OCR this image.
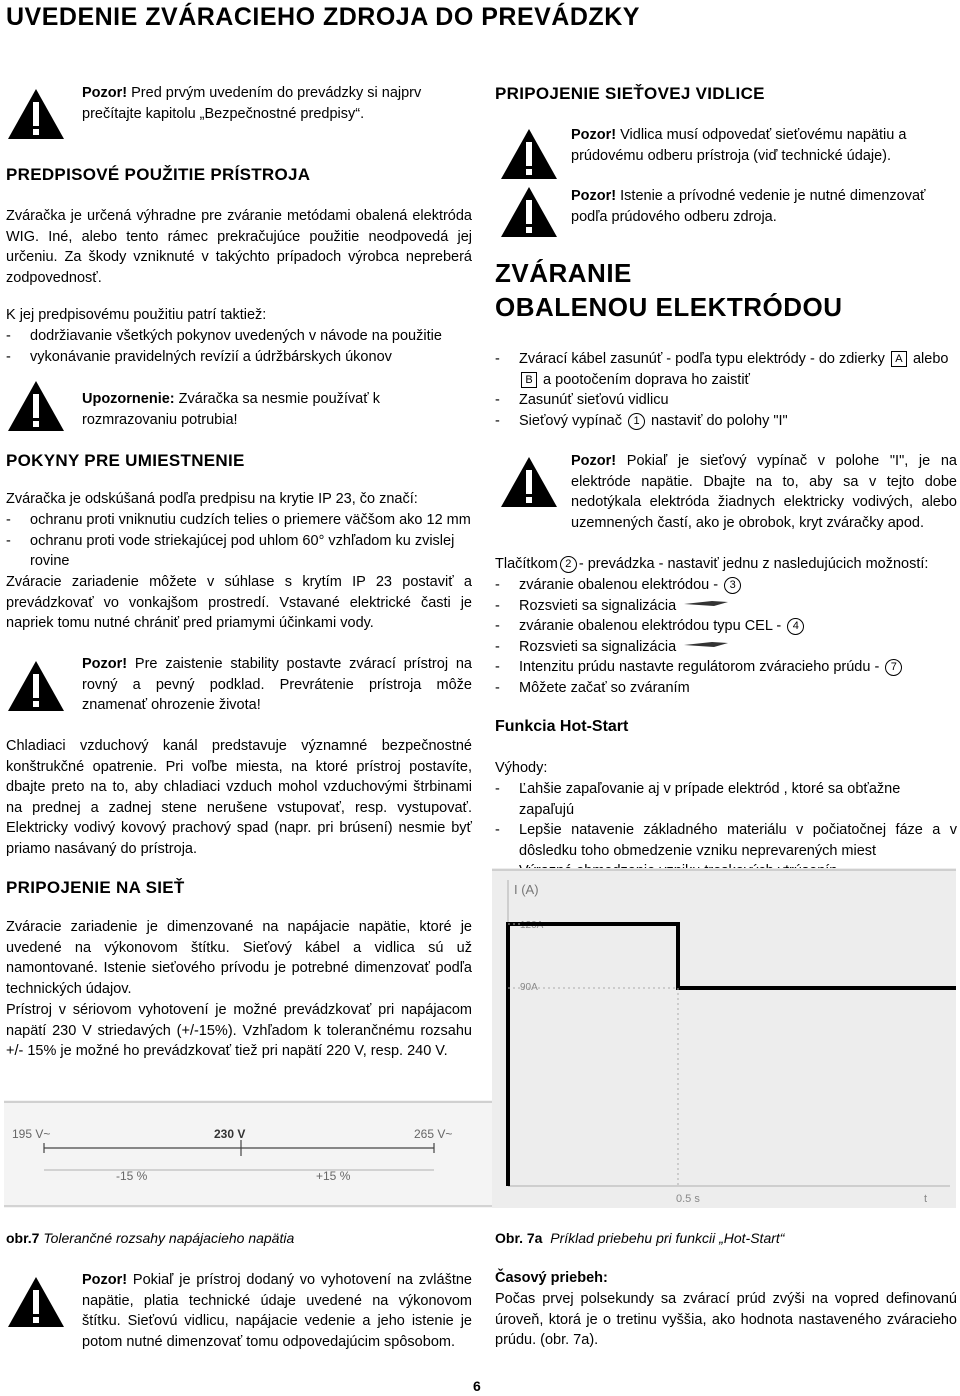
UVEDENIE ZVÁRACIEHO ZDROJA DO PREVÁDZKY
Pozor! Pred prvým uvedením do prevádzky si najprv prečítajte kapitolu „Bezpečnostné predpisy“.
PREDPISOVÉ POUŽITIE PRÍSTROJA
Zváračka je určená výhradne pre zváranie metódami obalená elektróda WIG. Iné, alebo tento rámec prekračujúce použitie neodpovedá jej určeniu. Za škody vzniknuté v takýchto prípadoch výrobca nepreberá zodpovednosť.
K jej predpisovému použitiu patrí taktiež:
- dodržiavanie všetkých pokynov uvedených v návode na použitie
- vykonávanie pravidelných revízií a údržbárskych úkonov
Upozornenie: Zváračka sa nesmie používať k rozmrazovaniu potrubia!
POKYNY PRE UMIESTNENIE
Zváračka je odskúšaná podľa predpisu na krytie IP 23, čo značí:
- ochranu proti vniknutiu cudzích telies o priemere väčšom ako 12 mm
- ochranu proti vode striekajúcej pod uhlom 60° vzhľadom ku zvislej rovine
Zváracie zariadenie môžete v súhlase s krytím IP 23 postaviť a prevádzkovať vo vonkajšom prostredí. Vstavané elektrické časti je napriek tomu nutné chrániť pred priamymi účinkami vody.
Pozor! Pre zaistenie stability postavte zvárací prístroj na rovný a pevný podklad. Prevrátenie prístroja môže znamenať ohrozenie života!
Chladiaci vzduchový kanál predstavuje významné bezpečnostné konštrukčné opatrenie. Pri voľbe miesta, na ktoré prístroj postavíte, dbajte preto na to, aby chladiaci vzduch mohol vzduchovými štrbinami na prednej a zadnej stene nerušene vstupovať, resp. vystupovať. Elektricky vodivý kovový prachový spad (napr. pri brúsení) nesmie byť priamo nasávaný do prístroja.
PRIPOJENIE NA SIEŤ
Zváracie zariadenie je dimenzované na napájacie napätie, ktoré je uvedené na výkonovom štítku. Sieťový kábel a vidlica sú už namontované. Istenie sieťového prívodu je potrebné dimenzovať podľa technických údajov.
Prístroj v sériovom vyhotovení je možné prevádzkovať pri napájacom napätí 230 V striedavých (+/-15%). Vzhľadom k tolerančnému rozsahu +/- 15% je možné ho prevádzkovať tiež pri napätí 220 V, resp. 240 V.
195 V~	230 V	265 V~
-15 %	+15 %
obr.7 Tolerančné rozsahy napájacieho napätia
Pozor! Pokiaľ je prístroj dodaný vo vyhotovení na zvláštne napätie, platia technické údaje uvedené na výkonovom štítku. Sieťovú vidlicu, napájacie vedenie a jeho istenie je potom nutné dimenzovať tomu odpovedajúcim spôsobom.
PRIPOJENIE SIEŤOVEJ VIDLICE
Pozor! Vidlica musí odpovedať sieťovému napätiu a prúdovému odberu prístroja (viď technické údaje).
Pozor! Istenie a prívodné vedenie je nutné dimenzovať podľa prúdového odberu zdroja.
ZVÁRANIE
OBALENOU ELEKTRÓDOU
- Zvárací kábel zasunúť - podľa typu elektródy - do zdierky A alebo
B a pootočením doprava ho zaistiť
- Zasunúť sieťovú vidlicu
- Sieťový vypínač 1 nastaviť do polohy "I"
Pozor! Pokiaľ je sieťový vypínač v polohe "I", je na elektróde napätie. Dbajte na to, aby sa v tejto dobe nedotýkala elektróda žiadnych elektricky vodivých, alebo uzemnených častí, ako je obrobok, kryt zváračky apod.
Tlačítkom 2 - prevádzka - nastaviť jednu z nasledujúcich možností:
- zváranie obalenou elektródou - 3
- Rozsvieti sa signalizácia
- zváranie obalenou elektródou typu CEL - 4
- Rozsvieti sa signalizácia
- Intenzitu prúdu nastavte regulátorom zváracieho prúdu - 7
- Môžete začať so zváraním
Funkcia Hot-Start
Výhody:
- Ľahšie zapaľovanie aj v prípade elektród , ktoré sa obťažne zapaľujú
- Lepšie natavenie základného materiálu v počiatočnej fáze a v dôsledku toho obmedzenie vzniku neprevarených miest
I (A)
120A
90A
0.5 s	t
Obr. 7a Príklad priebehu pri funkcii „Hot-Start“
Časový priebeh:
Počas prvej polsekundy sa zvárací prúd zvýši na vopred definovanú úroveň, ktorá je o tretinu vyššia, ako hodnota nastaveného zváracieho prúdu. (obr. 7a).
6
